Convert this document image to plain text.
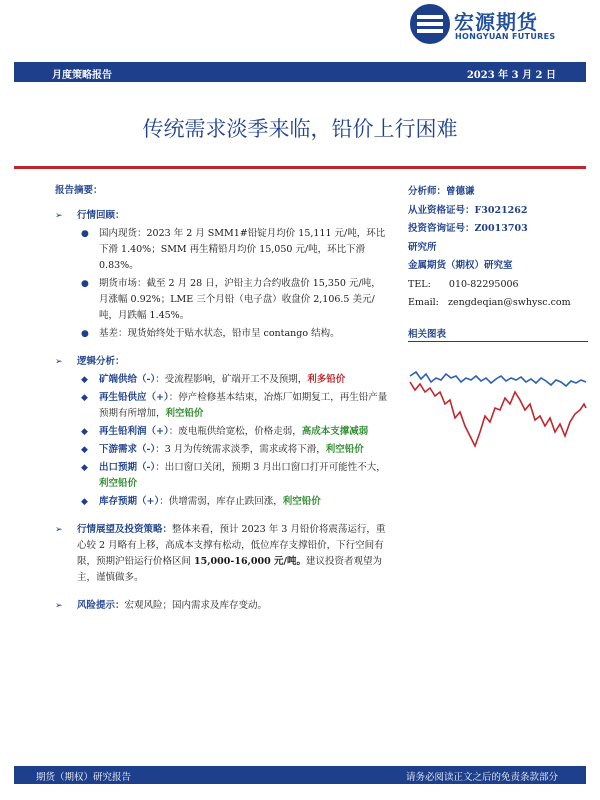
宏源期货
HONGYUAN FUTURES
月度策略报告	2023 年 3 月 2 日
传统需求淡季来临，铅价上行困难
报告摘要：
➢ 行情回顾：
● 国内现货：2023 年 2 月 SMM1#铅锭月均价 15,111 元/吨，环比下滑 1.40%；SMM 再生精铅月均价 15,050 元/吨，环比下滑 0.83%。
● 期货市场：截至 2 月 28 日，沪铅主力合约收盘价 15,350 元/吨，月涨幅 0.92%；LME 三个月铅（电子盘）收盘价 2,106.5 美元/吨，月跌幅 1.45%。
● 基差：现货始终处于贴水状态，铅市呈 contango 结构。
➢ 逻辑分析：
◆ 矿端供给（-）：受流程影响，矿端开工不及预期，利多铅价
◆ 再生铅供应（+）：停产检修基本结束，冶炼厂如期复工，再生铅产量预期有所增加，利空铅价
◆ 再生铅利润（+）：废电瓶供给宽松，价格走弱，高成本支撑减弱
◆ 下游需求（-）：3 月为传统需求淡季，需求或将下滑，利空铅价
◆ 出口预期（-）：出口窗口关闭，预期 3 月出口窗口打开可能性不大，利空铅价
◆ 库存预期（+）：供增需弱，库存止跌回涨，利空铅价
➢ 行情展望及投资策略：整体来看，预计 2023 年 3 月铅价将震荡运行，重心较 2 月略有上移，高成本支撑有松动，低位库存支撑铅价，下行空间有限，预期沪铅运行价格区间 15,000-16,000 元/吨。建议投资者观望为主，谨慎做多。
➢ 风险提示：宏观风险；国内需求及库存变动。
分析师：曾德谦
从业资格证号：F3021262
投资咨询证号：Z0013703
研究所
金属期货（期权）研究室
TEL: 010-82295006
Email: zengdeqian@swhysc.com
相关图表
期货（期权）研究报告	请务必阅读正文之后的免责条款部分
